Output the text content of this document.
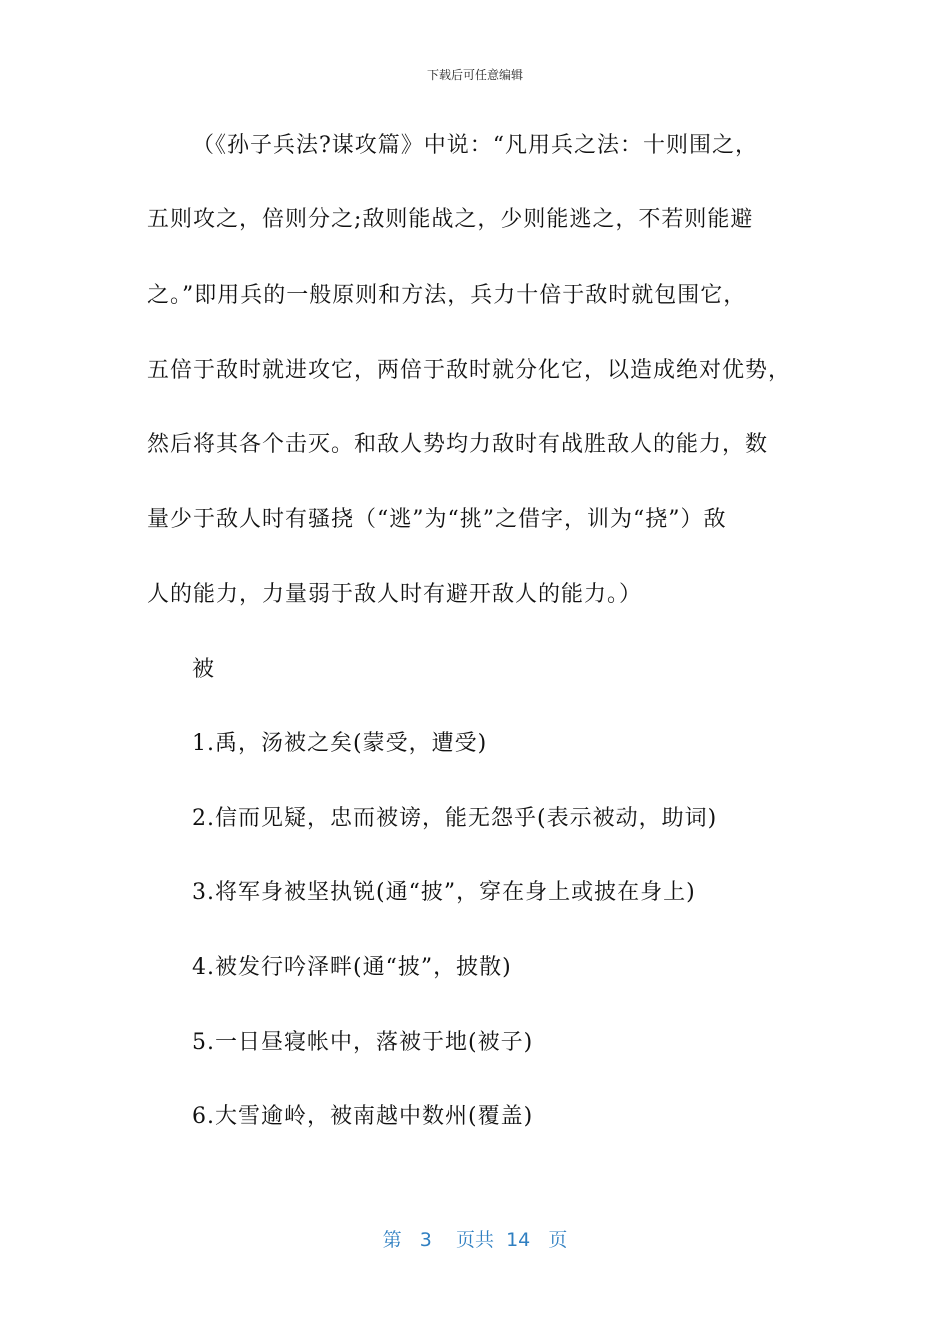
下载后可任意编辑
（《孙子兵法?谋攻篇》中说：“凡用兵之法：十则围之，
五则攻之，倍则分之;敌则能战之，少则能逃之，不若则能避
之。”即用兵的一般原则和方法，兵力十倍于敌时就包围它，
五倍于敌时就进攻它，两倍于敌时就分化它，以造成绝对优势，
然后将其各个击灭。和敌人势均力敌时有战胜敌人的能力，数
量少于敌人时有骚挠（“逃”为“挑”之借字，训为“挠”）敌
人的能力，力量弱于敌人时有避开敌人的能力。）
被
1.禹，汤被之矣(蒙受，遭受)
2.信而见疑，忠而被谤，能无怨乎(表示被动，助词)
3.将军身被坚执锐(通“披”，穿在身上或披在身上)
4.被发行吟泽畔(通“披”，披散)
5.一日昼寝帐中，落被于地(被子)
6.大雪逾岭，被南越中数州(覆盖)
第 3 页共 14 页
